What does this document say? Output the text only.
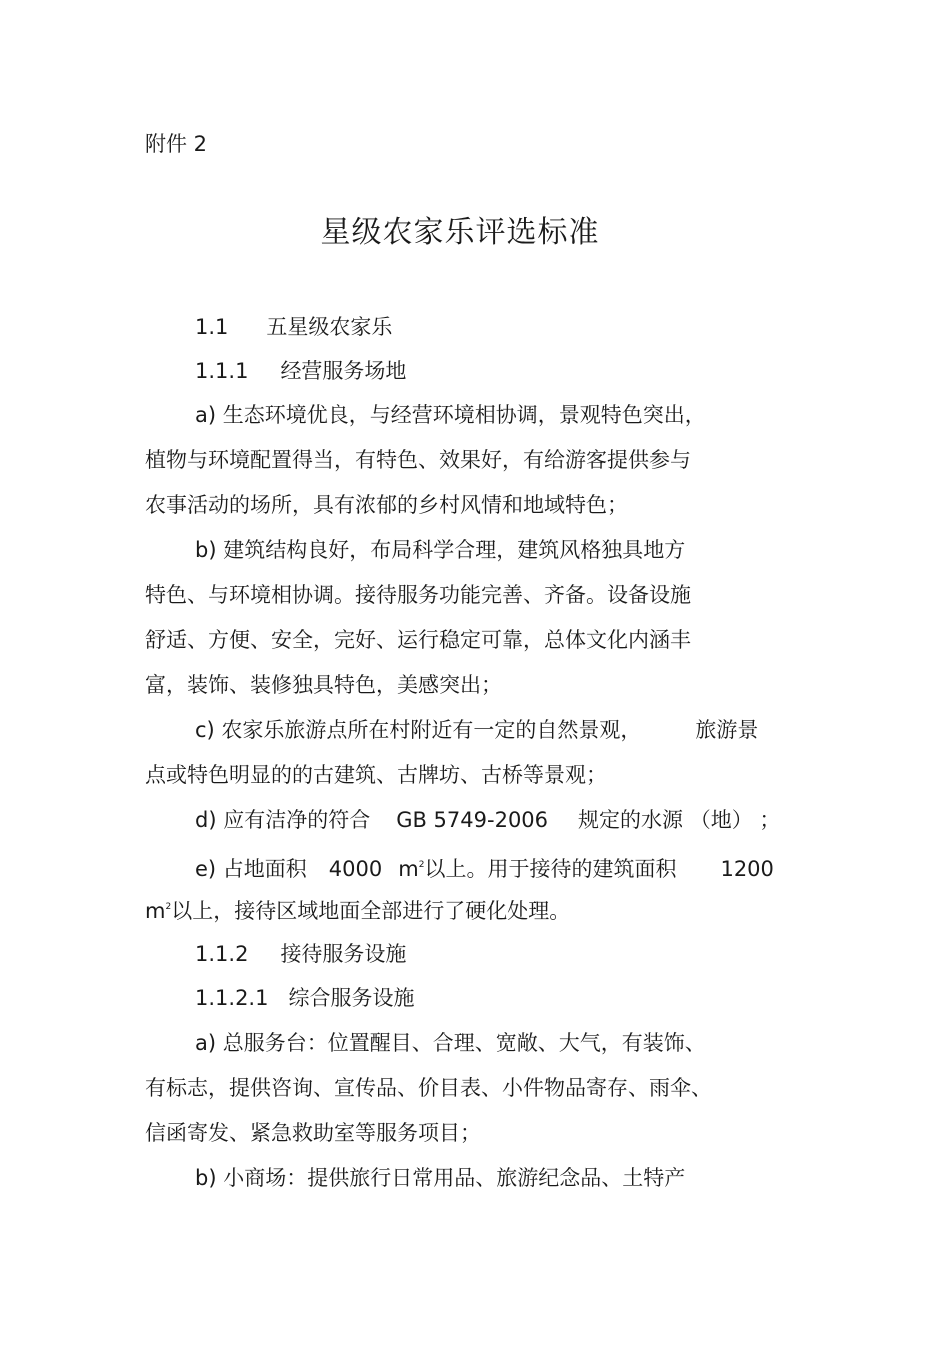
附件 2
星级农家乐评选标准
1.1 五星级农家乐
1.1.1 经营服务场地
a) 生态环境优良，与经营环境相协调，景观特色突出，
植物与环境配置得当，有特色、效果好，有给游客提供参与
农事活动的场所，具有浓郁的乡村风情和地域特色；
b) 建筑结构良好，布局科学合理，建筑风格独具地方
特色、与环境相协调。接待服务功能完善、齐备。设备设施
舒适、方便、安全，完好、运行稳定可靠，总体文化内涵丰
富，装饰、装修独具特色，美感突出；
c) 农家乐旅游点所在村附近有一定的自然景观，	旅游景
点或特色明显的的古建筑、古牌坊、古桥等景观；
d) 应有洁净的符合 GB 5749-2006 规定的水源 （地） ；
e) 占地面积 4000 $m^2$以上。用于接待的建筑面积 1200
$m^2$以上，接待区域地面全部进行了硬化处理。
1.1.2 接待服务设施
1.1.2.1 综合服务设施
a) 总服务台：位置醒目、合理、宽敞、大气，有装饰、
有标志，提供咨询、宣传品、价目表、小件物品寄存、雨伞、
信函寄发、紧急救助室等服务项目；
b) 小商场：提供旅行日常用品、旅游纪念品、土特产
